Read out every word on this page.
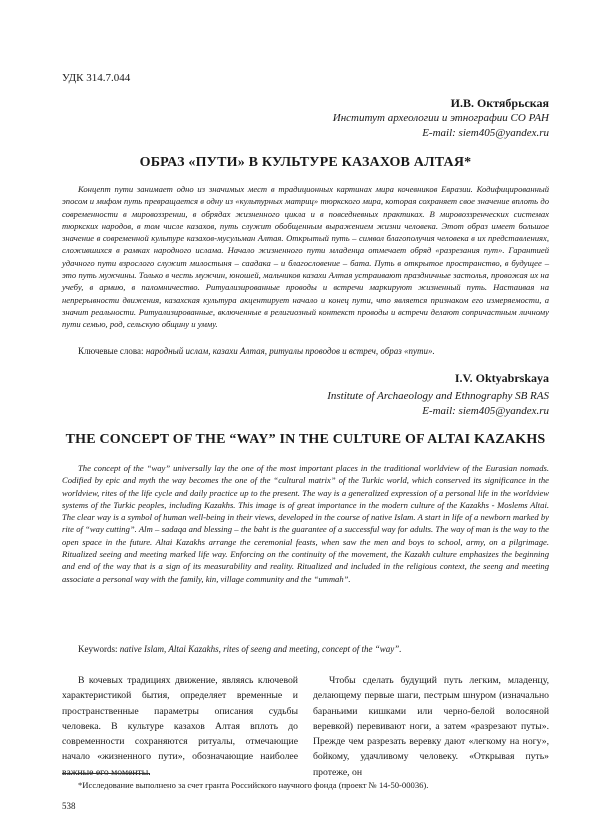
УДК 314.7.044
И.В. Октябрьская
Институт археологии и этнографии СО РАН
E-mail: siem405@yandex.ru
ОБРАЗ «ПУТИ» В КУЛЬТУРЕ КАЗАХОВ АЛТАЯ*
Концепт пути занимает одно из значимых мест в традиционных картинах мира кочевников Евразии. Кодифицированный эпосом и мифом путь превращается в одну из «культурных матриц» тюркского мира, которая сохраняет свое значение вплоть до современности в мировоззрении, в обрядах жизненного цикла и в повседневных практиках. В мировоззренческих системах тюркских народов, в том числе казахов, путь служит обобщенным выражением жизни человека. Этот образ имеет большое значение в современной культуре казахов-мусульман Алтая. Открытый путь – символ благополучия человека в их представлениях, сложившихся в рамках народного ислама. Начало жизненного пути младенца отмечает обряд «разрезания пут». Гарантией удачного пути взрослого служит милостыня – саадака – и благословение – бата. Путь в открытое пространство, в будущее – это путь мужчины. Только в честь мужчин, юношей, мальчиков казахи Алтая устраивают праздничные застолья, провожая их на учебу, в армию, в паломничество. Ритуализированные проводы и встречи маркируют жизненный путь. Настаивая на непрерывности движения, казахская культура акцентирует начало и конец пути, что является признаком его измеряемости, а значит реальности. Ритуализированные, включенные в религиозный контекст проводы и встречи делают сопричастным личному пути семью, род, сельскую общину и умму.
Ключевые слова: народный ислам, казахи Алтая, ритуалы проводов и встреч, образ «пути».
I.V. Oktyabrskaya
Institute of Archaeology and Ethnography SB RAS
E-mail: siem405@yandex.ru
THE CONCEPT OF THE “WAY” IN THE CULTURE OF ALTAI KAZAKHS
The concept of the “way” universally lay the one of the most important places in the traditional worldview of the Eurasian nomads. Codified by epic and myth the way becomes the one of the “cultural matrix” of the Turkic world, which conserved its significance in the worldview, rites of the life cycle and daily practice up to the present. The way is a generalized expression of a personal life in the worldview systems of the Turkic peoples, including Kazakhs. This image is of great importance in the modern culture of the Kazakhs - Moslems Altai. The clear way is a symbol of human well-being in their views, developed in the course of native Islam. A start in life of a newborn marked by rite of “way cutting”. Alm – sadaqa and blessing – the baht is the guarantee of a successful way for adults. The way of man is the way to the open space in the future. Altai Kazakhs arrange the ceremonial feasts, when saw the men and boys to school, army, on a pilgrimage. Ritualized seeing and meeting marked life way. Enforcing on the continuity of the movement, the Kazakh culture emphasizes the beginning and end of the way that is a sign of its measurability and reality. Ritualized and included in the religious context, the seeng and meeting associate a personal way with the family, kin, village community and the “ummah”.
Keywords: native Islam, Altai Kazakhs, rites of seeng and meeting, concept of the “way”.
В кочевых традициях движение, являясь ключевой характеристикой бытия, определяет временные и пространственные параметры описания судьбы человека. В культуре казахов Алтая вплоть до современности сохраняются ритуалы, отмечающие начало «жизненного пути», обозначающие наиболее важные его моменты.
Чтобы сделать будущий путь легким, младенцу, делающему первые шаги, пестрым шнуром (изначально бараньими кишками или черно-белой волосяной веревкой) перевивают ноги, а затем «разрезают путы». Прежде чем разрезать веревку дают «легкому на ногу», бойкому, удачливому человеку. «Открывая путь» протеже, он
*Исследование выполнено за счет гранта Российского научного фонда (проект № 14-50-00036).
538
